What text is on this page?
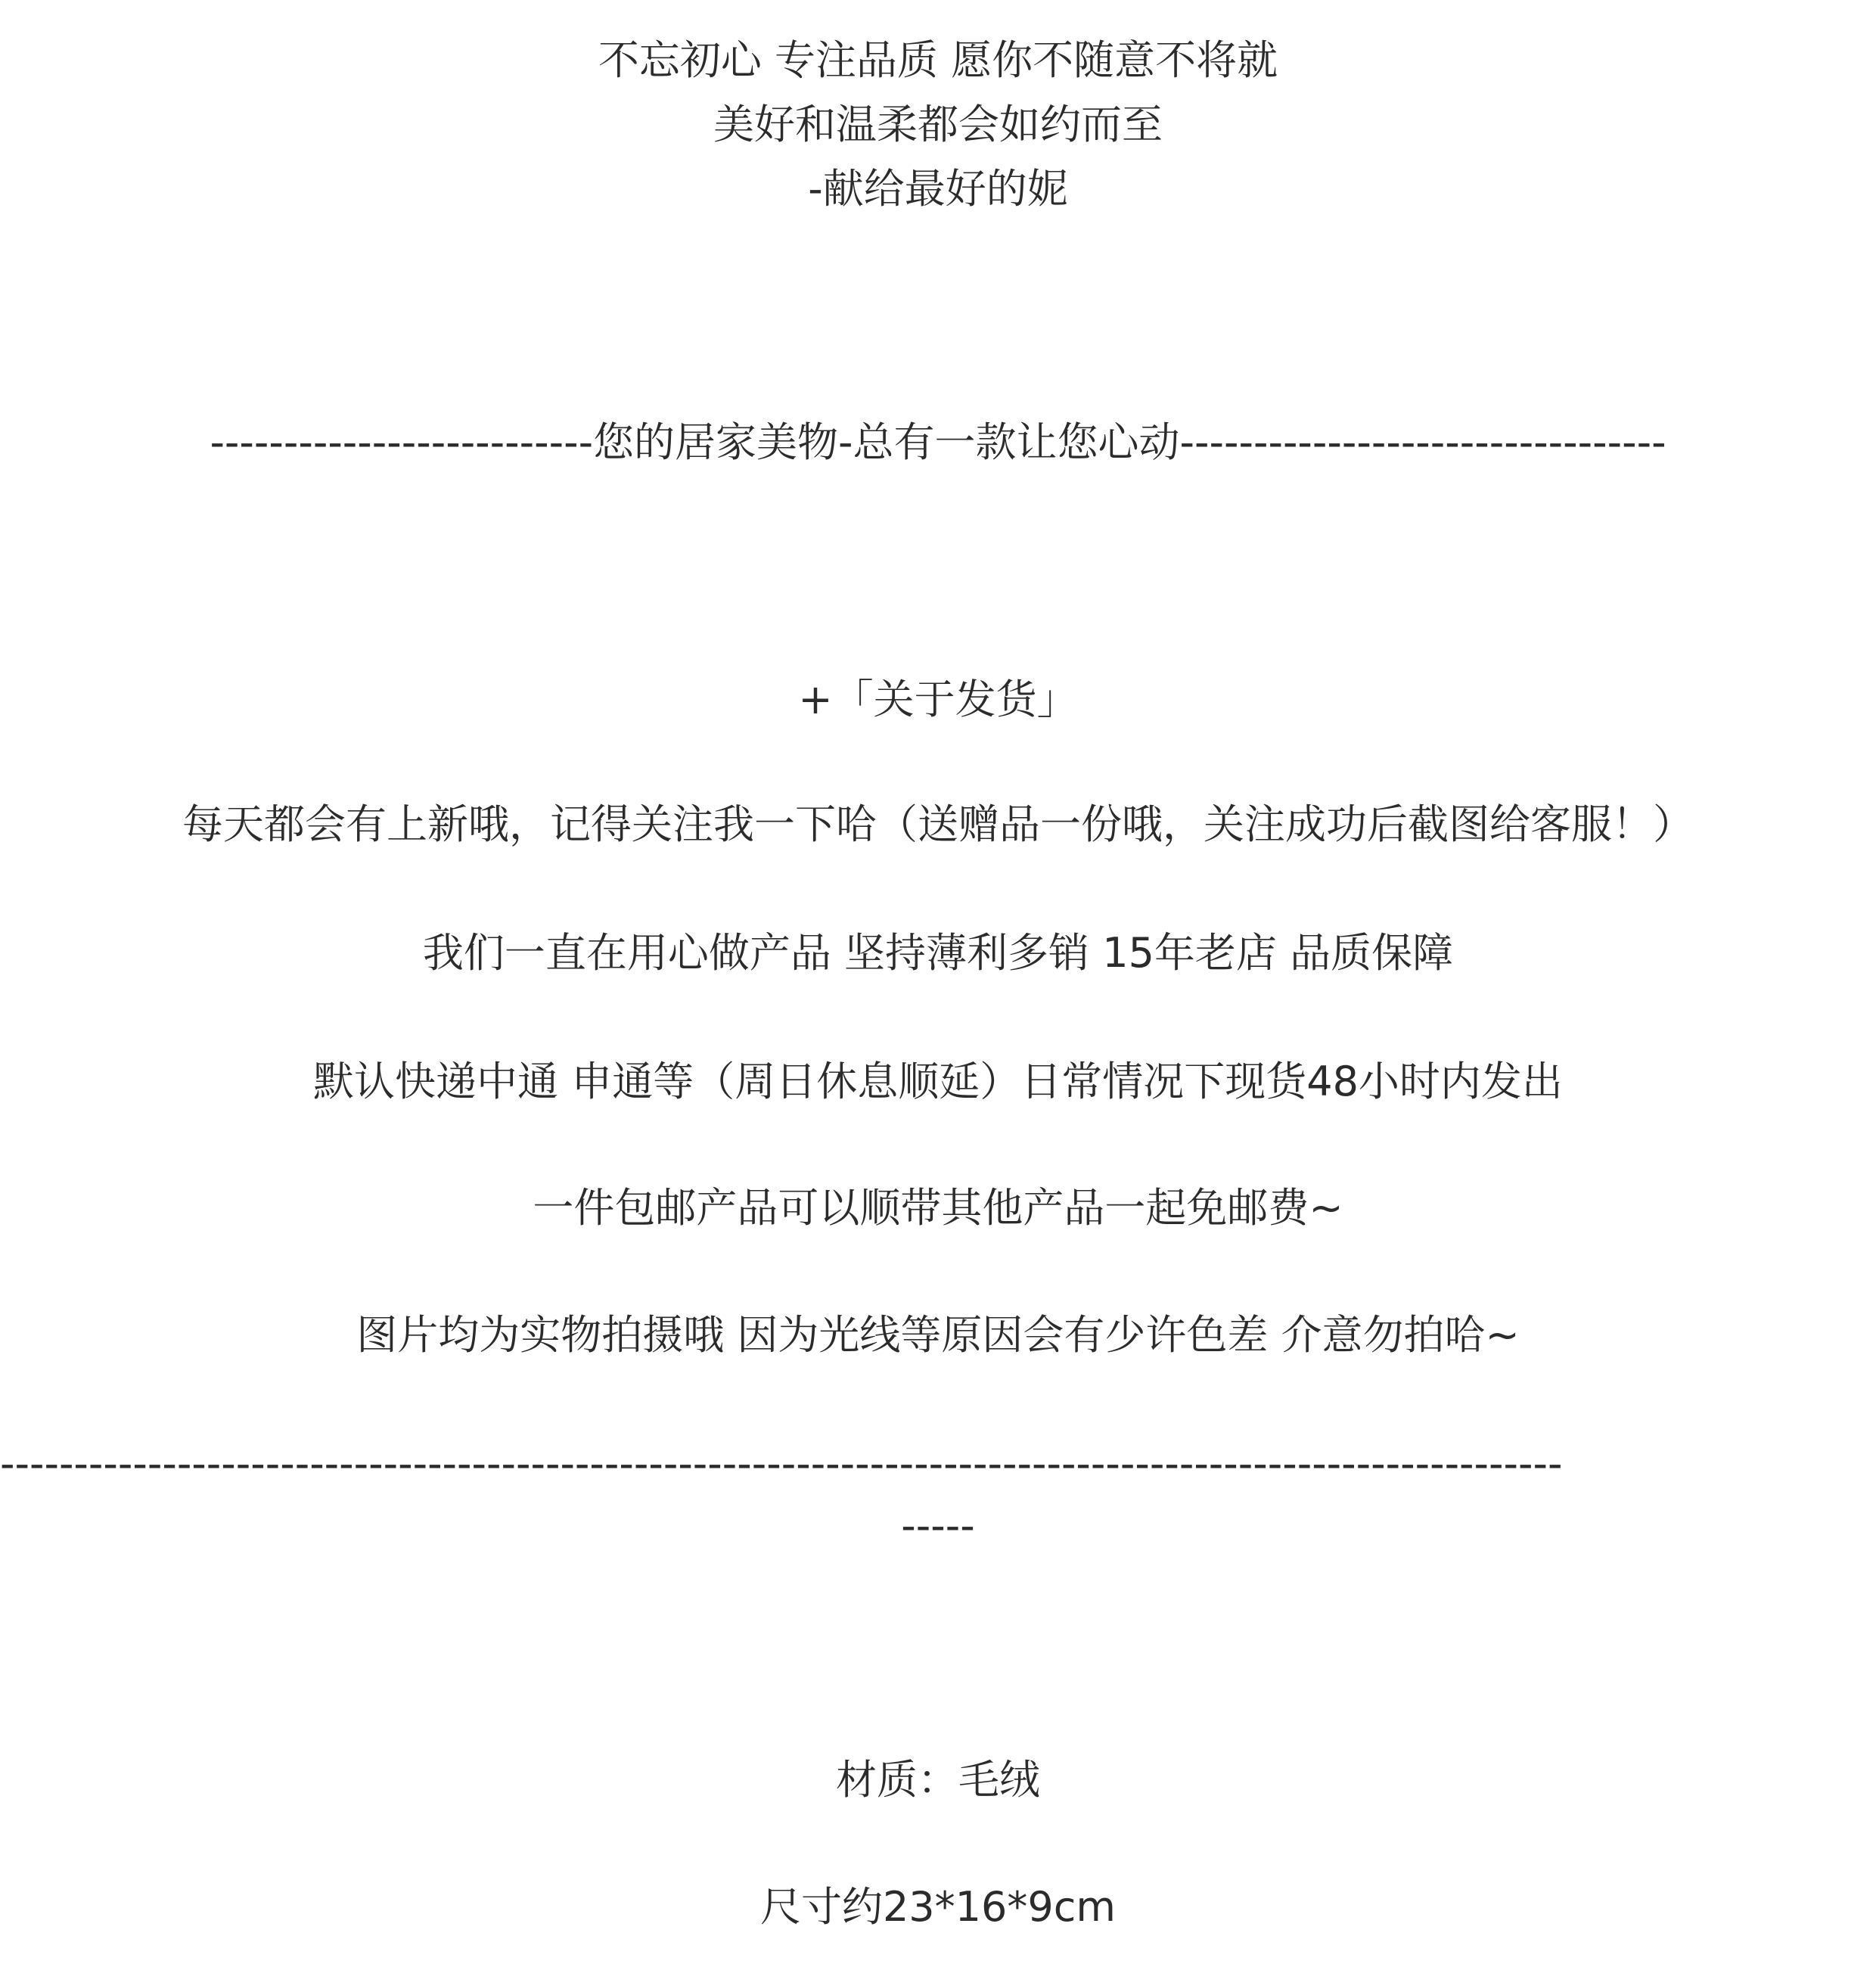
不忘初心 专注品质 愿你不随意不将就

美好和温柔都会如约而至

-献给最好的妮

--------------------------您的居家美物-总有一款让您心动---------------------------------

+「关于发货」

每天都会有上新哦，记得关注我一下哈（送赠品一份哦，关注成功后截图给客服！）

我们一直在用心做产品 坚持薄利多销 15年老店 品质保障

默认快递中通 申通等（周日休息顺延）日常情况下现货48小时内发出

一件包邮产品可以顺带其他产品一起免邮费~

图片均为实物拍摄哦 因为光线等原因会有少许色差 介意勿拍哈~

----------------------------------------------------------------------------------------------------------

-----

材质：毛绒

尺寸约23*16*9cm
